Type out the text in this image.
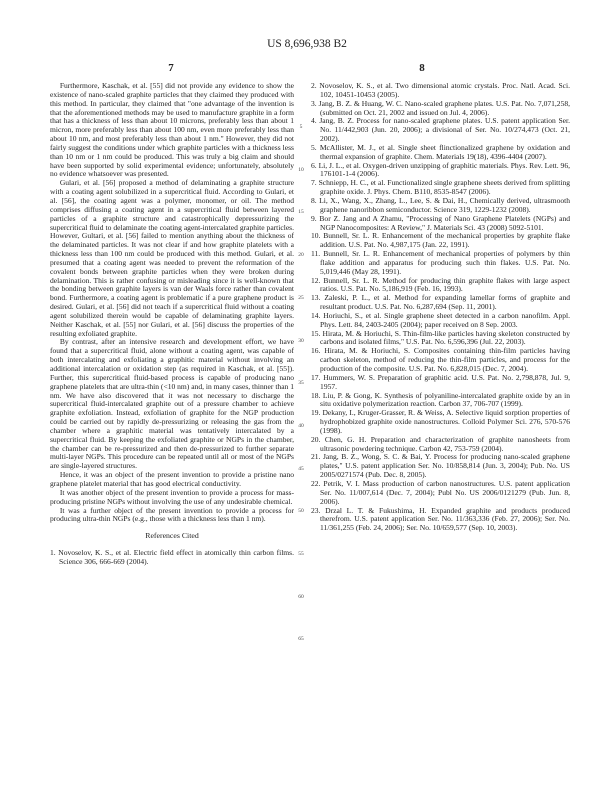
US 8,696,938 B2
7	8

Furthermore, Kaschak, et al. [55] did not provide any evidence to show the existence of nano-scaled graphite particles that they claimed they produced with this method. In particular, they claimed that "one advantage of the invention is that the aforementioned methods may be used to manufacture graphite in a form that has a thickness of less than about 10 microns, preferably less than about 1 micron, more preferably less than about 100 nm, even more preferably less than about 10 nm, and most preferably less than about 1 nm." However, they did not fairly suggest the conditions under which graphite particles with a thickness less than 10 nm or 1 nm could be produced. This was truly a big claim and should have been supported by solid experimental evidence; unfortunately, absolutely no evidence whatsoever was presented.

Gulari, et al. [56] proposed a method of delaminating a graphite structure with a coating agent solubilized in a supercritical fluid. According to Gulari, et al. [56], the coating agent was a polymer, monomer, or oil. The method comprises diffusing a coating agent in a supercritical fluid between layered particles of a graphite structure and catastrophically depressurizing the supercritical fluid to delaminate the coating agent-intercalated graphite particles. However, Gultari, et al. [56] failed to mention anything about the thickness of the delaminated particles. It was not clear if and how graphite platelets with a thickness less than 100 nm could be produced with this method. Gulari, et al. presumed that a coating agent was needed to prevent the reformation of the covalent bonds between graphite particles when they were broken during delamination. This is rather confusing or misleading since it is well-known that the bonding between graphite layers is van der Waals force rather than covalent bond. Furthermore, a coating agent is problematic if a pure graphene product is desired. Gulari, et al. [56] did not teach if a supercritical fluid without a coating agent solubilized therein would be capable of delaminating graphite layers. Neither Kaschak, et al. [55] nor Gulari, et al. [56] discuss the properties of the resulting exfoliated graphite.

By contrast, after an intensive research and development effort, we have found that a supercritical fluid, alone without a coating agent, was capable of both intercalating and exfoliating a graphitic material without involving an additional intercalation or oxidation step (as required in Kaschak, et al. [55]). Further, this supercritical fluid-based process is capable of producing nano graphene platelets that are ultra-thin (<10 nm) and, in many cases, thinner than 1 nm. We have also discovered that it was not necessary to discharge the supercritical fluid-intercalated graphite out of a pressure chamber to achieve graphite exfoliation. Instead, exfoliation of graphite for the NGP production could be carried out by rapidly de-pressurizing or releasing the gas from the chamber where a graphitic material was tentatively intercalated by a supercritical fluid. By keeping the exfoliated graphite or NGPs in the chamber, the chamber can be re-pressurized and then de-pressurized to further separate multi-layer NGPs. This procedure can be repeated until all or most of the NGPs are single-layered structures.

Hence, it was an object of the present invention to provide a pristine nano graphene platelet material that has good electrical conductivity.

It was another object of the present invention to provide a process for mass-producing pristine NGPs without involving the use of any undesirable chemical.

It was a further object of the present invention to provide a process for producing ultra-thin NGPs (e.g., those with a thickness less than 1 nm).

References Cited
1. Novoselov, K. S., et al. Electric field effect in atomically thin carbon films. Science 306, 666-669 (2004).
2. Novoselov, K. S., et al. Two dimensional atomic crystals. Proc. Natl. Acad. Sci. 102, 10451-10453 (2005).
3. Jang, B. Z. & Huang, W. C. Nano-scaled graphene plates. U.S. Pat. No. 7,071,258, (submitted on Oct. 21, 2002 and issued on Jul. 4, 2006).
4. Jang, B. Z. Process for nano-scaled graphene plates. U.S. patent application Ser. No. 11/442,903 (Jun. 20, 2006); a divisional of Ser. No. 10/274,473 (Oct. 21, 2002).
5. McAllister, M. J., et al. Single sheet flinctionalized graphene by oxidation and thermal expansion of graphite. Chem. Materials 19(18), 4396-4404 (2007).
6. Li, J. L., et al. Oxygen-driven unzipping of graphitic materials. Phys. Rev. Lett. 96, 176101-1-4 (2006).
7. Schniepp, H. C., et al. Functionalized single graphene sheets derived from splitting graphite oxide. J. Phys. Chem. B110, 8535-8547 (2006).
8. Li, X., Wang, X., Zhang, L., Lee, S. & Dai, H., Chemically derived, ultrasmooth graphene nanoribbon semiconductor. Science 319, 1229-1232 (2008).
9. Bor Z. Jang and A Zhamu, "Processing of Nano Graphene Platelets (NGPs) and NGP Nanocomposites: A Review," J. Materials Sci. 43 (2008) 5092-5101.
10. Bunnell, Sr. L. R. Enhancement of the mechanical properties by graphite flake addition. U.S. Pat. No. 4,987,175 (Jan. 22, 1991).
11. Bunnell, Sr. L. R. Enhancement of mechanical properties of polymers by thin flake addition and apparatus for producing such thin flakes. U.S. Pat. No. 5,019,446 (May 28, 1991).
12. Bunnell, Sr. L. R. Method for producing thin graphite flakes with large aspect ratios. U.S. Pat. No. 5,186,919 (Feb. 16, 1993).
13. Zaleski, P. L., et al. Method for expanding lamellar forms of graphite and resultant product. U.S. Pat. No. 6,287,694 (Sep. 11, 2001).
14. Horiuchi, S., et al. Single graphene sheet detected in a carbon nanofilm. Appl. Phys. Lett. 84, 2403-2405 (2004); paper received on 8 Sep. 2003.
15. Hirata, M. & Horiuchi, S. Thin-film-like particles having skeleton constructed by carbons and isolated films," U.S. Pat. No. 6,596,396 (Jul. 22, 2003).
16. Hirata, M. & Horiuchi, S. Composites containing thin-film particles having carbon skeleton, method of reducing the thin-film particles, and process for the production of the composite. U.S. Pat. No. 6,828,015 (Dec. 7, 2004).
17. Hummers, W. S. Preparation of graphitic acid. U.S. Pat. No. 2,798,878, Jul. 9, 1957.
18. Liu, P. & Gong, K. Synthesis of polyaniline-intercalated graphite oxide by an in situ oxidative polymerization reaction. Carbon 37, 706-707 (1999).
19. Dekany, I., Kruger-Grasser, R. & Weiss, A. Selective liquid sorption properties of hydrophobized graphite oxide nanostructures. Colloid Polymer Sci. 276, 570-576 (1998).
20. Chen, G. H. Preparation and characterization of graphite nanosheets from ultrasonic powdering technique. Carbon 42, 753-759 (2004).
21. Jang, B. Z., Wong, S. C. & Bai, Y. Process for producing nano-scaled graphene plates," U.S. patent application Ser. No. 10/858,814 (Jun. 3, 2004); Pub. No. US 2005/0271574 (Pub. Dec. 8, 2005).
22. Petrik, V. I. Mass production of carbon nanostructures. U.S. patent application Ser. No. 11/007,614 (Dec. 7, 2004); Publ No. US 2006/0121279 (Pub. Jun. 8, 2006).
23. Drzal L. T. & Fukushima, H. Expanded graphite and products produced therefrom. U.S. patent application Ser. No. 11/363,336 (Feb. 27, 2006); Ser. No. 11/361,255 (Feb. 24, 2006); Ser. No. 10/659,577 (Sep. 10, 2003).
5
10
15
20
25
30
35
40
45
50
55
60
65
